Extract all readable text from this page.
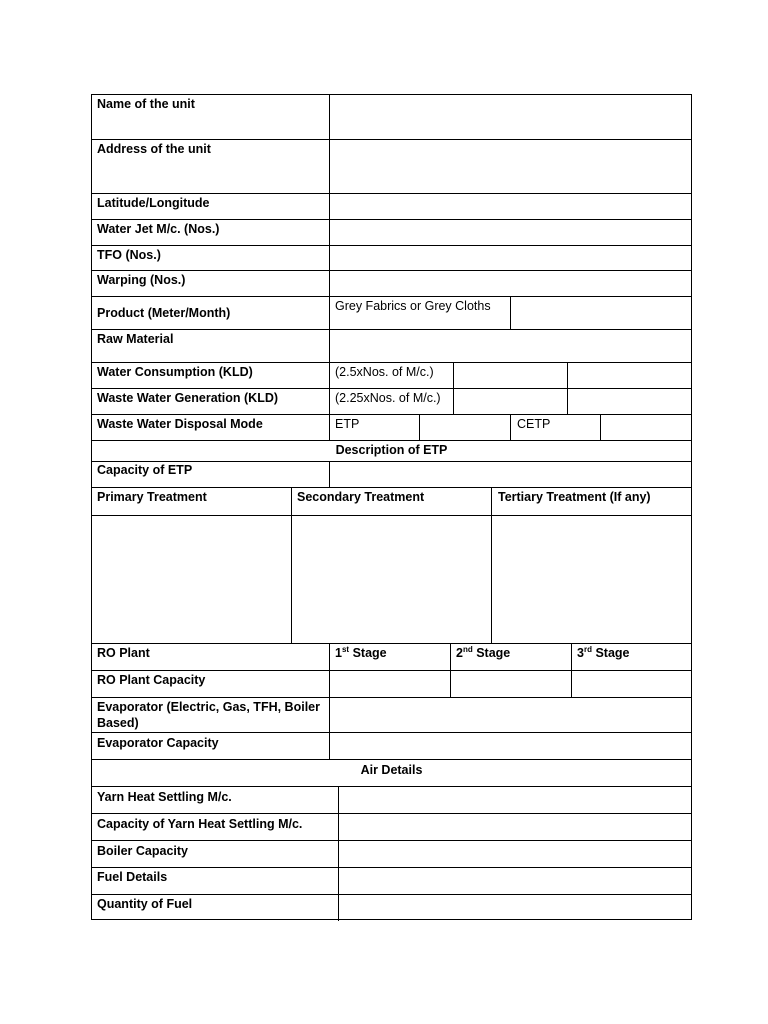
Name of the unit
Address of the unit
Latitude/Longitude
Water Jet M/c. (Nos.)
TFO (Nos.)
Warping (Nos.)
Product (Meter/Month)	Grey Fabrics or Grey Cloths
Raw Material
Water Consumption (KLD)	(2.5xNos. of M/c.)
Waste Water Generation (KLD)	(2.25xNos. of M/c.)
Waste Water Disposal Mode	ETP	CETP
Description of ETP
Capacity of ETP
Primary Treatment	Secondary Treatment	Tertiary Treatment (If any)
RO Plant	1st Stage	2nd Stage	3rd Stage
RO Plant Capacity
Evaporator (Electric, Gas, TFH, Boiler
Based)
Evaporator Capacity
Air Details
Yarn Heat Settling M/c.
Capacity of Yarn Heat Settling M/c.
Boiler Capacity
Fuel Details
Quantity of Fuel
